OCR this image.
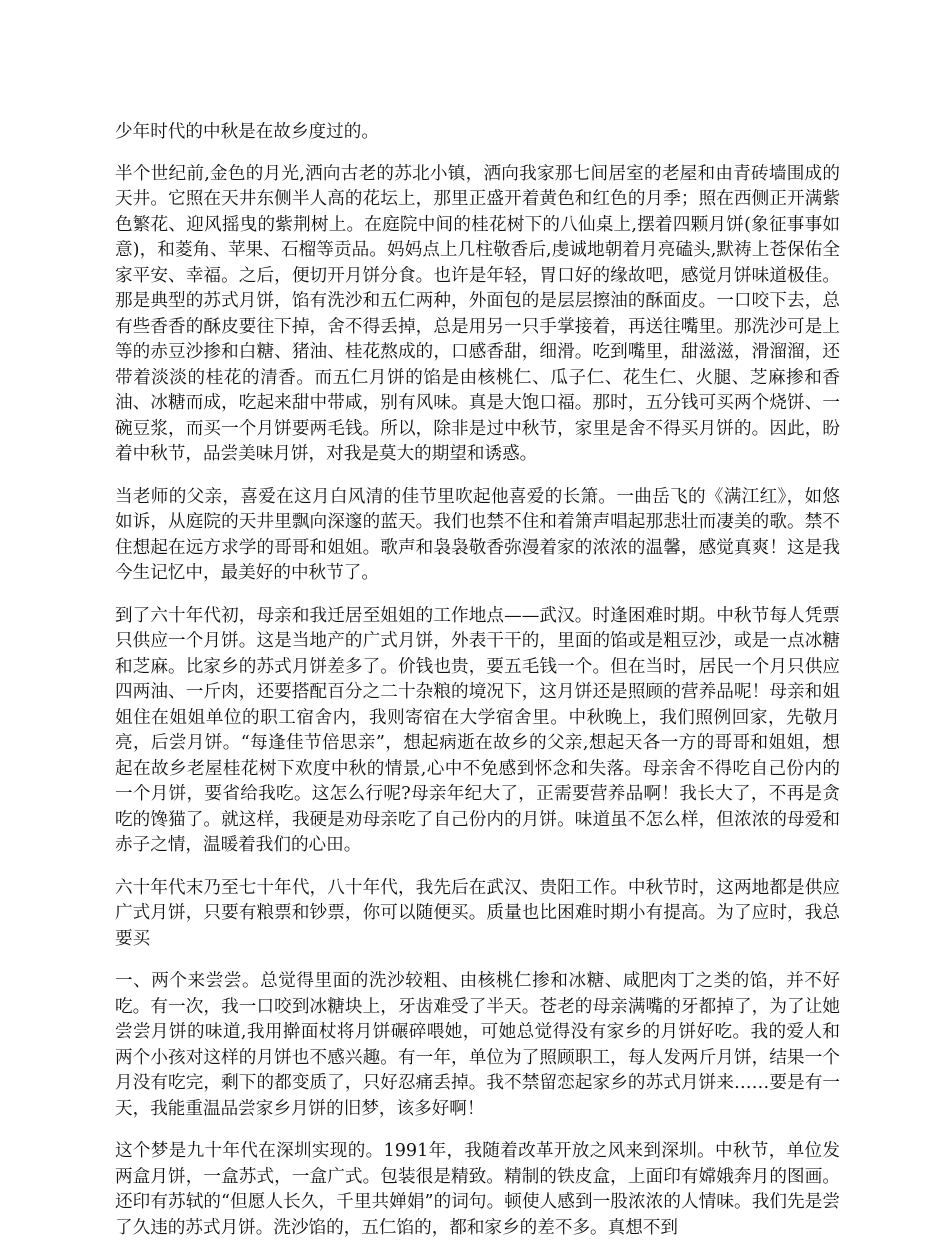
少年时代的中秋是在故乡度过的。

半个世纪前,金色的月光,洒向古老的苏北小镇，洒向我家那七间居室的老屋和由青砖墙围成的天井。它照在天井东侧半人高的花坛上，那里正盛开着黄色和红色的月季；照在西侧正开满紫色繁花、迎风摇曳的紫荆树上。在庭院中间的桂花树下的八仙桌上,摆着四颗月饼(象征事事如意)，和菱角、苹果、石榴等贡品。妈妈点上几柱敬香后,虔诚地朝着月亮磕头,默祷上苍保佑全家平安、幸福。之后，便切开月饼分食。也许是年轻，胃口好的缘故吧，感觉月饼味道极佳。那是典型的苏式月饼，馅有洗沙和五仁两种，外面包的是层层擦油的酥面皮。一口咬下去，总有些香香的酥皮要往下掉，舍不得丢掉，总是用另一只手掌接着，再送往嘴里。那洗沙可是上等的赤豆沙掺和白糖、猪油、桂花熬成的，口感香甜，细滑。吃到嘴里，甜滋滋，滑溜溜，还带着淡淡的桂花的清香。而五仁月饼的馅是由核桃仁、瓜子仁、花生仁、火腿、芝麻掺和香油、冰糖而成，吃起来甜中带咸，别有风味。真是大饱口福。那时，五分钱可买两个烧饼、一碗豆浆，而买一个月饼要两毛钱。所以，除非是过中秋节，家里是舍不得买月饼的。因此，盼着中秋节，品尝美味月饼，对我是莫大的期望和诱惑。

当老师的父亲，喜爱在这月白风清的佳节里吹起他喜爱的长箫。一曲岳飞的《满江红》，如悠如诉，从庭院的天井里飘向深邃的蓝天。我们也禁不住和着箫声唱起那悲壮而凄美的歌。禁不住想起在远方求学的哥哥和姐姐。歌声和袅袅敬香弥漫着家的浓浓的温馨，感觉真爽！这是我今生记忆中，最美好的中秋节了。

到了六十年代初，母亲和我迁居至姐姐的工作地点——武汉。时逢困难时期。中秋节每人凭票只供应一个月饼。这是当地产的广式月饼，外表干干的，里面的馅或是粗豆沙，或是一点冰糖和芝麻。比家乡的苏式月饼差多了。价钱也贵，要五毛钱一个。但在当时，居民一个月只供应四两油、一斤肉，还要搭配百分之二十杂粮的境况下，这月饼还是照顾的营养品呢！母亲和姐姐住在姐姐单位的职工宿舍内，我则寄宿在大学宿舍里。中秋晚上，我们照例回家，先敬月亮，后尝月饼。“每逢佳节倍思亲”，想起病逝在故乡的父亲,想起天各一方的哥哥和姐姐，想起在故乡老屋桂花树下欢度中秋的情景,心中不免感到怀念和失落。母亲舍不得吃自己份内的一个月饼，要省给我吃。这怎么行呢?母亲年纪大了，正需要营养品啊！我长大了，不再是贪吃的馋猫了。就这样，我硬是劝母亲吃了自己份内的月饼。味道虽不怎么样，但浓浓的母爱和赤子之情，温暖着我们的心田。

六十年代末乃至七十年代，八十年代，我先后在武汉、贵阳工作。中秋节时，这两地都是供应广式月饼，只要有粮票和钞票，你可以随便买。质量也比困难时期小有提高。为了应时，我总要买

一、两个来尝尝。总觉得里面的洗沙较粗、由核桃仁掺和冰糖、咸肥肉丁之类的馅，并不好吃。有一次，我一口咬到冰糖块上，牙齿难受了半天。苍老的母亲满嘴的牙都掉了，为了让她尝尝月饼的味道,我用擀面杖将月饼碾碎喂她，可她总觉得没有家乡的月饼好吃。我的爱人和两个小孩对这样的月饼也不感兴趣。有一年，单位为了照顾职工，每人发两斤月饼，结果一个月没有吃完，剩下的都变质了，只好忍痛丢掉。我不禁留恋起家乡的苏式月饼来……要是有一天，我能重温品尝家乡月饼的旧梦，该多好啊！

这个梦是九十年代在深圳实现的。1991年，我随着改革开放之风来到深圳。中秋节，单位发两盒月饼，一盒苏式，一盒广式。包装很是精致。精制的铁皮盒，上面印有嫦娥奔月的图画。还印有苏轼的“但愿人长久，千里共婵娟”的词句。顿使人感到一股浓浓的人情味。我们先是尝了久违的苏式月饼。洗沙馅的，五仁馅的，都和家乡的差不多。真想不到
